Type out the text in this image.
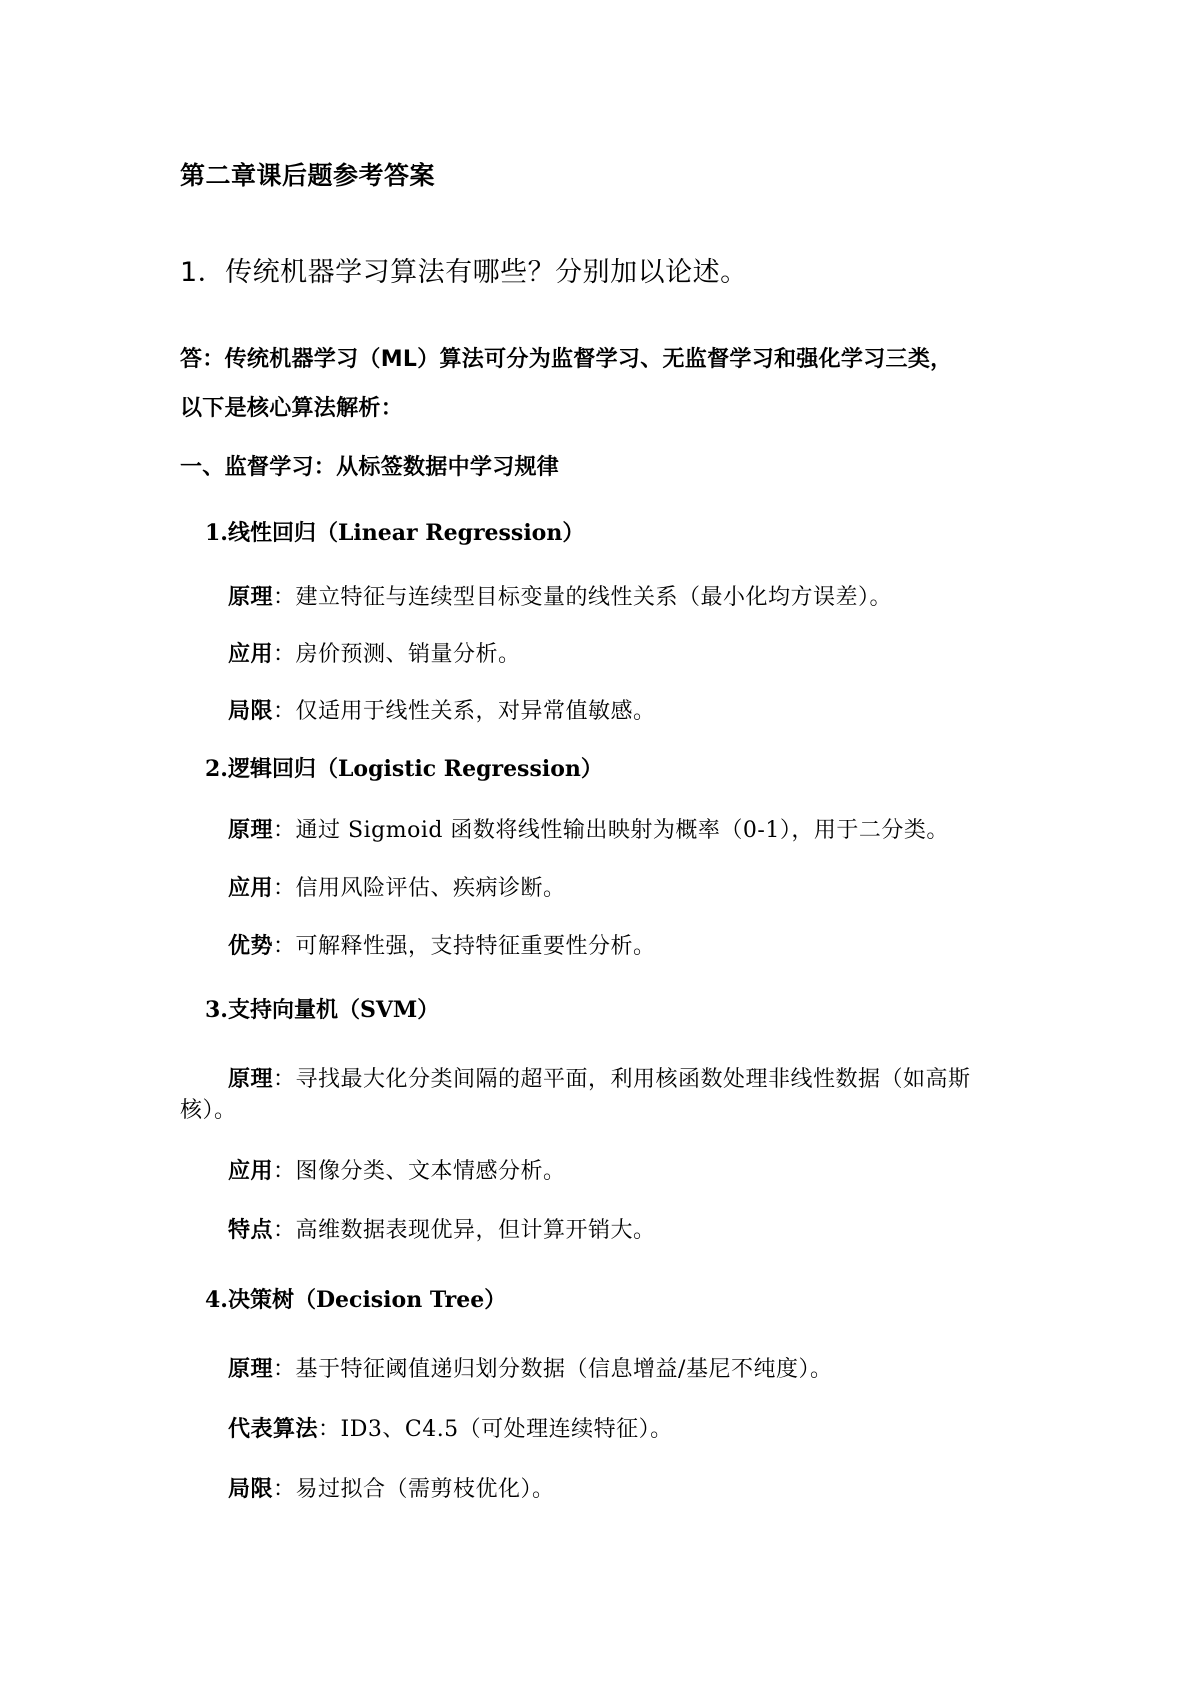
第二章课后题参考答案

1．传统机器学习算法有哪些？分别加以论述。

答：传统机器学习（ML）算法可分为监督学习、无监督学习和强化学习三类，

以下是核心算法解析：

一、监督学习：从标签数据中学习规律

1.线性回归（Linear Regression）

原理：建立特征与连续型目标变量的线性关系（最小化均方误差）。

应用：房价预测、销量分析。

局限：仅适用于线性关系，对异常值敏感。

2.逻辑回归（Logistic Regression）

原理：通过 Sigmoid 函数将线性输出映射为概率（0-1），用于二分类。

应用：信用风险评估、疾病诊断。

优势：可解释性强，支持特征重要性分析。

3.支持向量机（SVM）

原理：寻找最大化分类间隔的超平面，利用核函数处理非线性数据（如高斯

核）。

应用：图像分类、文本情感分析。

特点：高维数据表现优异，但计算开销大。

4.决策树（Decision Tree）

原理：基于特征阈值递归划分数据（信息增益/基尼不纯度）。

代表算法：ID3、C4.5（可处理连续特征）。

局限：易过拟合（需剪枝优化）。
